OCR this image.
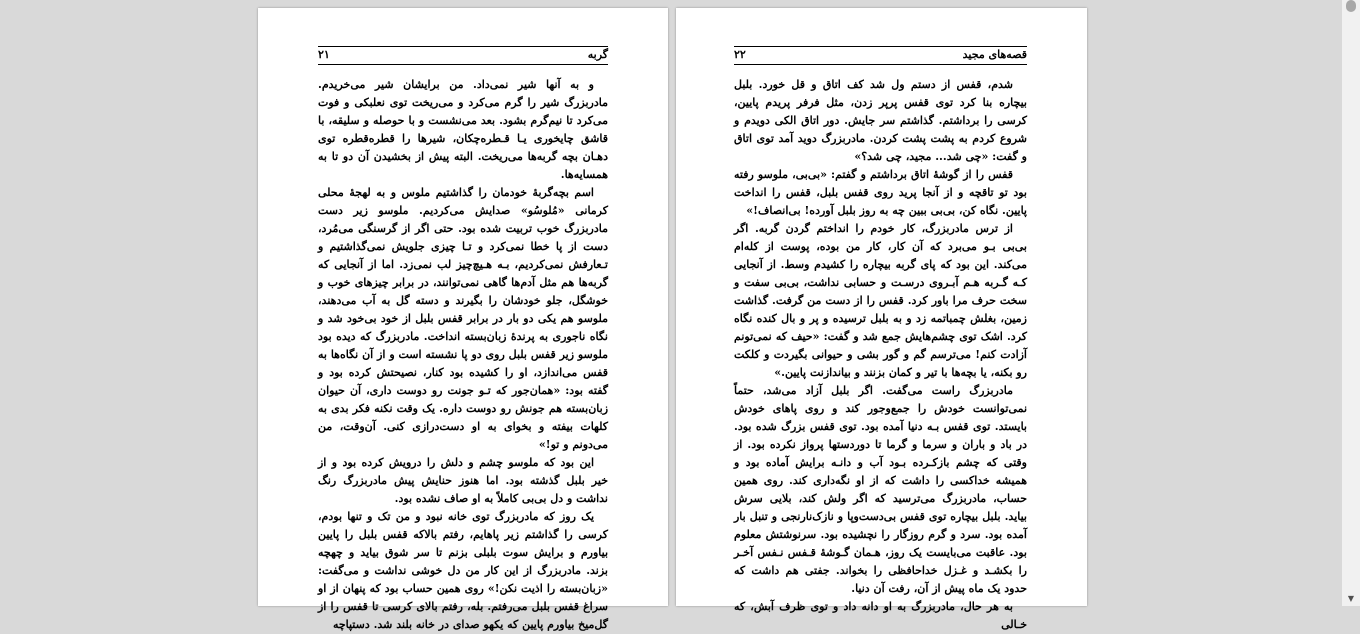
۲۱	گربه

و به آنها شیر نمی‌داد. من برایشان شیر می‌خریدم. مادربزرگ شیر را گرم می‌کرد و می‌ریخت توی نعلبکی و فوت می‌کرد تا نیم‌گرم بشود. بعد می‌نشست و با حوصله و سلیقه، با قاشق چایخوری یـا قـطره‌چکان، شیرها را قطره‌قطره توی دهـان بچه گربه‌ها می‌ریخت. البته پیش از بخشیدن آن دو تا به همسایه‌ها.

اسم بچه‌گربهٔ خودمان را گذاشتیم ملوس و به لهجهٔ محلی کرمانی «مُلوسُو» صدایش می‌کردیم. ملوسو زیر دست مادربزرگ خوب تربیت شده بود. حتی اگر از گرسنگی می‌مُرد، دست از پا خطا نمی‌کرد و تـا چیزی جلویش نمی‌گذاشتیم و تـعارفش نمی‌کردیم، بـه هـیچ‌چیز لب نمی‌زد. اما از آنجایی که گربه‌ها هم مثل آدم‌ها گاهی نمی‌توانند، در برابر چیزهای خوب و خوشگل، جلو خودشان را بگیرند و دسته گل به آب می‌دهند، ملوسو هم یکی دو بار در برابر قفس بلبل از خود بی‌خود شد و نگاه ناجوری به پرندهٔ زبان‌بسته انداخت. مادربزرگ که دیده بود ملوسو زیر قفس بلبل روی دو پا نشسته است و از آن نگاه‌ها به قفس می‌اندازد، او را کشیده بود کنار، نصیحتش کرده بود و گفته بود: «همان‌جور که تـو جونت رو دوست داری، آن حیوان زبان‌بسته هم جونش رو دوست داره. یک وقت نکنه فکر بدی به کلهات بیفته و بخوای به او دست‌درازی کنی. آن‌وقت، من می‌دونم و تو!»

این بود که ملوسو چشم و دلش را درویش کرده بود و از خیر بلبل گذشته بود. اما هنوز حنایش پیش مادربزرگ رنگ نداشت و دل بی‌بی کاملاً به او صاف نشده بود.

یک روز که مادربزرگ توی خانه نبود و من تک و تنها بودم، کرسی را گذاشتم زیر پاهایم، رفتم بالاکه قفس بلبل را پایین بیاورم و برایش سوت بلبلی بزنم تا سر شوق بیاید و چهچه بزند. مادربزرگ از این کار من دل خوشی نداشت و می‌گفت: «زبان‌بسته را اذیت نکن!» روی همین حساب بود که پنهان از او سراغ قفس بلبل می‌رفتم. بله، رفتم بالای کرسی تا قفس را از گل‌میخ بیاورم پایین که یکهو صدای در خانه بلند شد. دستپاچه

۲۲	قصه‌های مجید

شدم، قفس از دستم ول شد کف اتاق و قل خورد. بلبل بیچاره بنا کرد توی قفس پرپر زدن، مثل فرفر پریدم پایین، کرسی را برداشتم. گذاشتم سر جایش. دور اتاق الکی دویدم و شروع کردم به پشت پشت کردن. مادربزرگ دوید آمد توی اتاق و گفت: «چی شد... مجید، چی شد؟»

قفس را از گوشهٔ اتاق برداشتم و گفتم: «بی‌بی، ملوسو رفته بود تو تاقچه و از آنجا پرید روی قفس بلبل، قفس را انداخت پایین. نگاه کن، بی‌بی ببین چه به روز بلبل آورده! بی‌انصاف!»

از ترس مادربزرگ، کار خودم را انداختم گردن گربه. اگر بی‌بی بـو می‌برد که آن کار، کار من بوده، پوست از کله‌ام می‌کند. این بود که پای گربه بیچاره را کشیدم وسط. از آنجایی کـه گـربه هـم آبـروی درسـت و حسابی نداشت، بی‌بی سفت و سخت حرف مرا باور کرد. قفس را از دست من گرفت. گذاشت زمین، بغلش چمباتمه زد و به بلبل ترسیده و پر و بال کنده نگاه کرد. اشک توی چشم‌هایش جمع شد و گفت: «حیف که نمی‌تونم آزادت کنم! می‌ترسم گم و گور بشی و حیوانی بگیردت و کلکت رو بکنه، یا بچه‌ها با تیر و کمان بزنند و بیاندازنت پایین.»

مادربزرگ راست می‌گفت. اگر بلبل آزاد می‌شد، حتماً نمی‌توانست خودش را جمع‌وجور کند و روی پاهای خودش بایستد. توی قفس بـه دنیا آمده بود. توی قفس بزرگ شده بود. در باد و باران و سرما و گرما تا دوردستها پرواز نکرده بود. از وقتی که چشم بازکـرده بـود آب و دانـه برایش آماده بود و همیشه خداکسی را داشت که از او نگه‌داری کند. روی همین حساب، مادربزرگ می‌ترسید که اگر ولش کند، بلایی سرش بیاید. بلبل بیچاره توی قفس بی‌دست‌وپا و نازک‌نارنجی و تنبل بار آمده بود. سرد و گرم روزگار را نچشیده بود. سرنوشتش معلوم بود. عاقبت می‌بایست یک روز، هـمان گـوشهٔ قـفس نـفس آخـر را بکشـد و غـزل خداحافظی را بخواند. جفتی هم داشت که حدود یک ماه پیش از آن، رفت آن دنیا.

به هر حال، مادربزرگ به او دانه داد و توی ظرف آبش، که خـالی

▼
